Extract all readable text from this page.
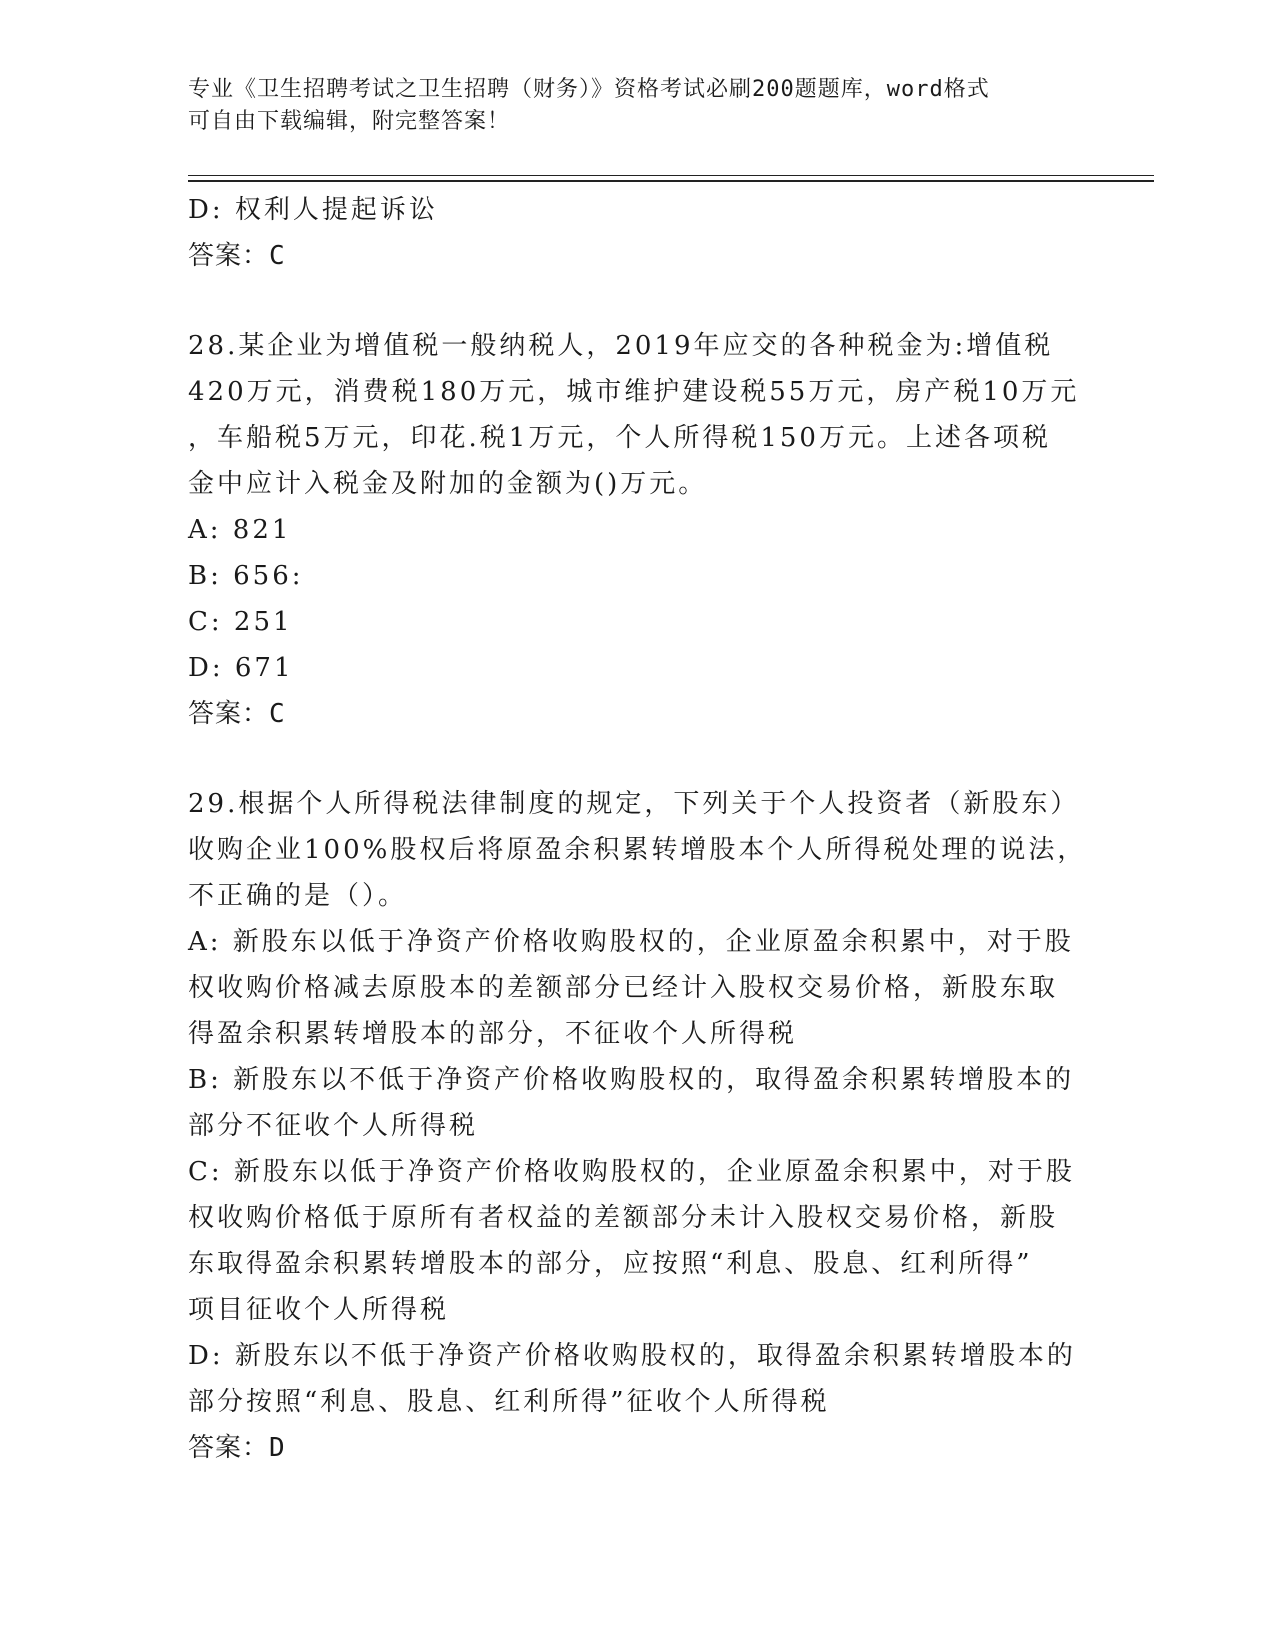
专业《卫生招聘考试之卫生招聘（财务）》资格考试必刷200题题库，word格式
可自由下载编辑，附完整答案！
D: 权利人提起诉讼
答案：C
28.某企业为增值税一般纳税人，2019年应交的各种税金为:增值税
420万元，消费税180万元，城市维护建设税55万元，房产税10万元
，车船税5万元，印花.税1万元，个人所得税150万元。上述各项税
金中应计入税金及附加的金额为()万元。
A: 821
B: 656:
C: 251
D: 671
答案：C
29.根据个人所得税法律制度的规定，下列关于个人投资者（新股东）
收购企业100%股权后将原盈余积累转增股本个人所得税处理的说法，
不正确的是（）。
A: 新股东以低于净资产价格收购股权的，企业原盈余积累中，对于股
权收购价格减去原股本的差额部分已经计入股权交易价格，新股东取
得盈余积累转增股本的部分，不征收个人所得税
B: 新股东以不低于净资产价格收购股权的，取得盈余积累转增股本的
部分不征收个人所得税
C: 新股东以低于净资产价格收购股权的，企业原盈余积累中，对于股
权收购价格低于原所有者权益的差额部分未计入股权交易价格，新股
东取得盈余积累转增股本的部分，应按照“利息、股息、红利所得”
项目征收个人所得税
D: 新股东以不低于净资产价格收购股权的，取得盈余积累转增股本的
部分按照“利息、股息、红利所得”征收个人所得税
答案：D
